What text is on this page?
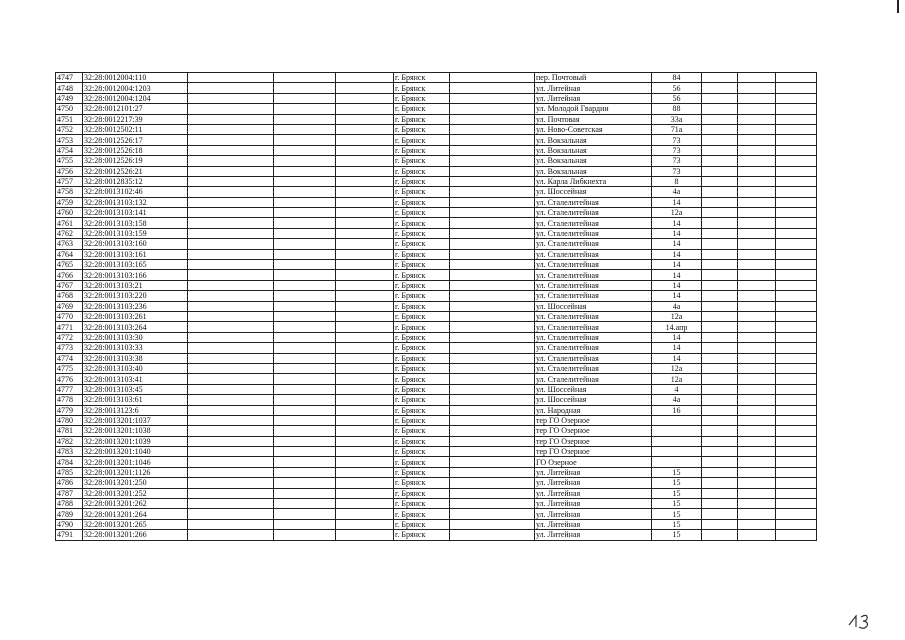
4747	32:28:0012004:110				г. Брянск		пер. Почтовый	84			
4748	32:28:0012004:1203				г. Брянск		ул. Литейная	56			
4749	32:28:0012004:1204				г. Брянск		ул. Литейная	56			
4750	32:28:0012101:27				г. Брянск		ул. Молодой Гвардии	88			
4751	32:28:0012217:39				г. Брянск		ул. Почтовая	33а			
4752	32:28:0012502:11				г. Брянск		ул. Ново-Советская	71а			
4753	32:28:0012526:17				г. Брянск		ул. Вокзальная	73			
4754	32:28:0012526:18				г. Брянск		ул. Вокзальная	73			
4755	32:28:0012526:19				г. Брянск		ул. Вокзальная	73			
4756	32:28:0012526:21				г. Брянск		ул. Вокзальная	73			
4757	32:28:0012835:12				г. Брянск		ул. Карла Либкнехта	8			
4758	32:28:0013102:46				г. Брянск		ул. Шоссейная	4а			
4759	32:28:0013103:132				г. Брянск		ул. Сталелитейная	14			
4760	32:28:0013103:141				г. Брянск		ул. Сталелитейная	12а			
4761	32:28:0013103:158				г. Брянск		ул. Сталелитейная	14			
4762	32:28:0013103:159				г. Брянск		ул. Сталелитейная	14			
4763	32:28:0013103:160				г. Брянск		ул. Сталелитейная	14			
4764	32:28:0013103:161				г. Брянск		ул. Сталелитейная	14			
4765	32:28:0013103:165				г. Брянск		ул. Сталелитейная	14			
4766	32:28:0013103:166				г. Брянск		ул. Сталелитейная	14			
4767	32:28:0013103:21				г. Брянск		ул. Сталелитейная	14			
4768	32:28:0013103:220				г. Брянск		ул. Сталелитейная	14			
4769	32:28:0013103:236				г. Брянск		ул. Шоссейная	4а			
4770	32:28:0013103:261				г. Брянск		ул. Сталелитейная	12а			
4771	32:28:0013103:264				г. Брянск		ул. Сталелитейная	14.апр			
4772	32:28:0013103:30				г. Брянск		ул. Сталелитейная	14			
4773	32:28:0013103:33				г. Брянск		ул. Сталелитейная	14			
4774	32:28:0013103:38				г. Брянск		ул. Сталелитейная	14			
4775	32:28:0013103:40				г. Брянск		ул. Сталелитейная	12а			
4776	32:28:0013103:41				г. Брянск		ул. Сталелитейная	12а			
4777	32:28:0013103:45				г. Брянск		ул. Шоссейная	4			
4778	32:28:0013103:61				г. Брянск		ул. Шоссейная	4а			
4779	32:28:0013123:6				г. Брянск		ул. Народная	16			
4780	32:28:0013201:1037				г. Брянск		тер ГО Озерное				
4781	32:28:0013201:1038				г. Брянск		тер ГО Озерное				
4782	32:28:0013201:1039				г. Брянск		тер ГО Озерное				
4783	32:28:0013201:1040				г. Брянск		тер ГО Озерное				
4784	32:28:0013201:1046				г. Брянск		ГО Озерное				
4785	32:28:0013201:1126				г. Брянск		ул. Литейная	15			
4786	32:28:0013201:250				г. Брянск		ул. Литейная	15			
4787	32:28:0013201:252				г. Брянск		ул. Литейная	15			
4788	32:28:0013201:262				г. Брянск		ул. Литейная	15			
4789	32:28:0013201:264				г. Брянск		ул. Литейная	15			
4790	32:28:0013201:265				г. Брянск		ул. Литейная	15			
4791	32:28:0013201:266				г. Брянск		ул. Литейная	15			
